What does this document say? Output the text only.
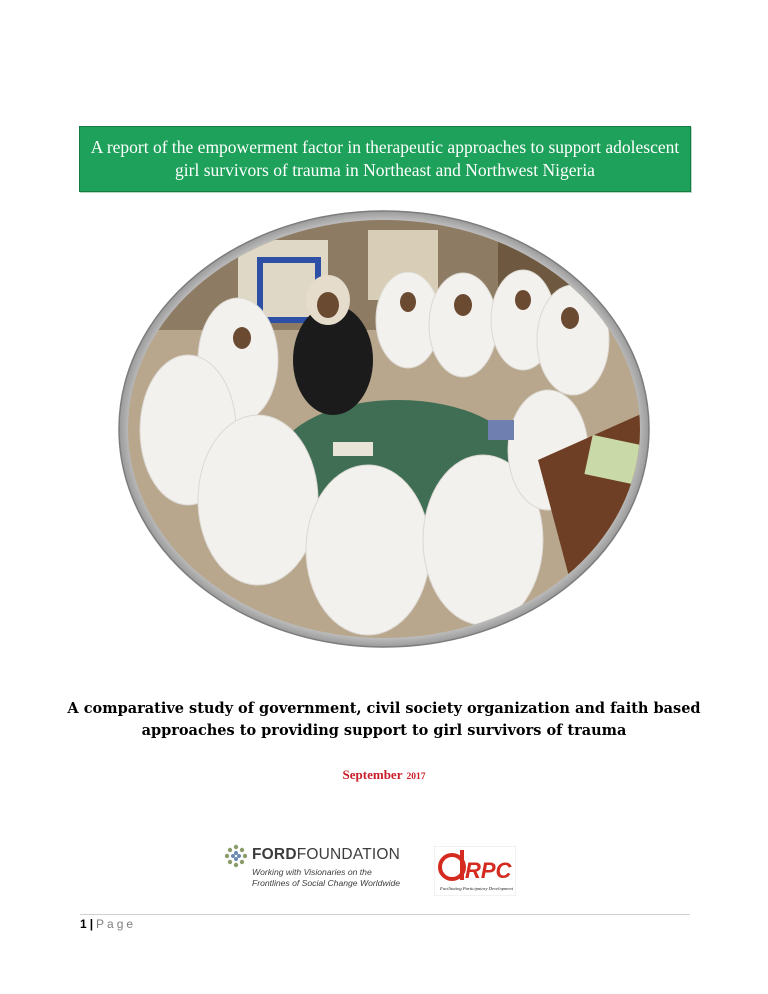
A report of the empowerment factor in therapeutic approaches to support adolescent girl survivors of trauma in Northeast and Northwest Nigeria
A comparative study of government, civil society organization and faith based approaches to providing support to girl survivors of trauma
September 2017
FORDFOUNDATION
Working with Visionaries on the
Frontlines of Social Change Worldwide	RPC
Facilitating Participatory Development
1 | Page
